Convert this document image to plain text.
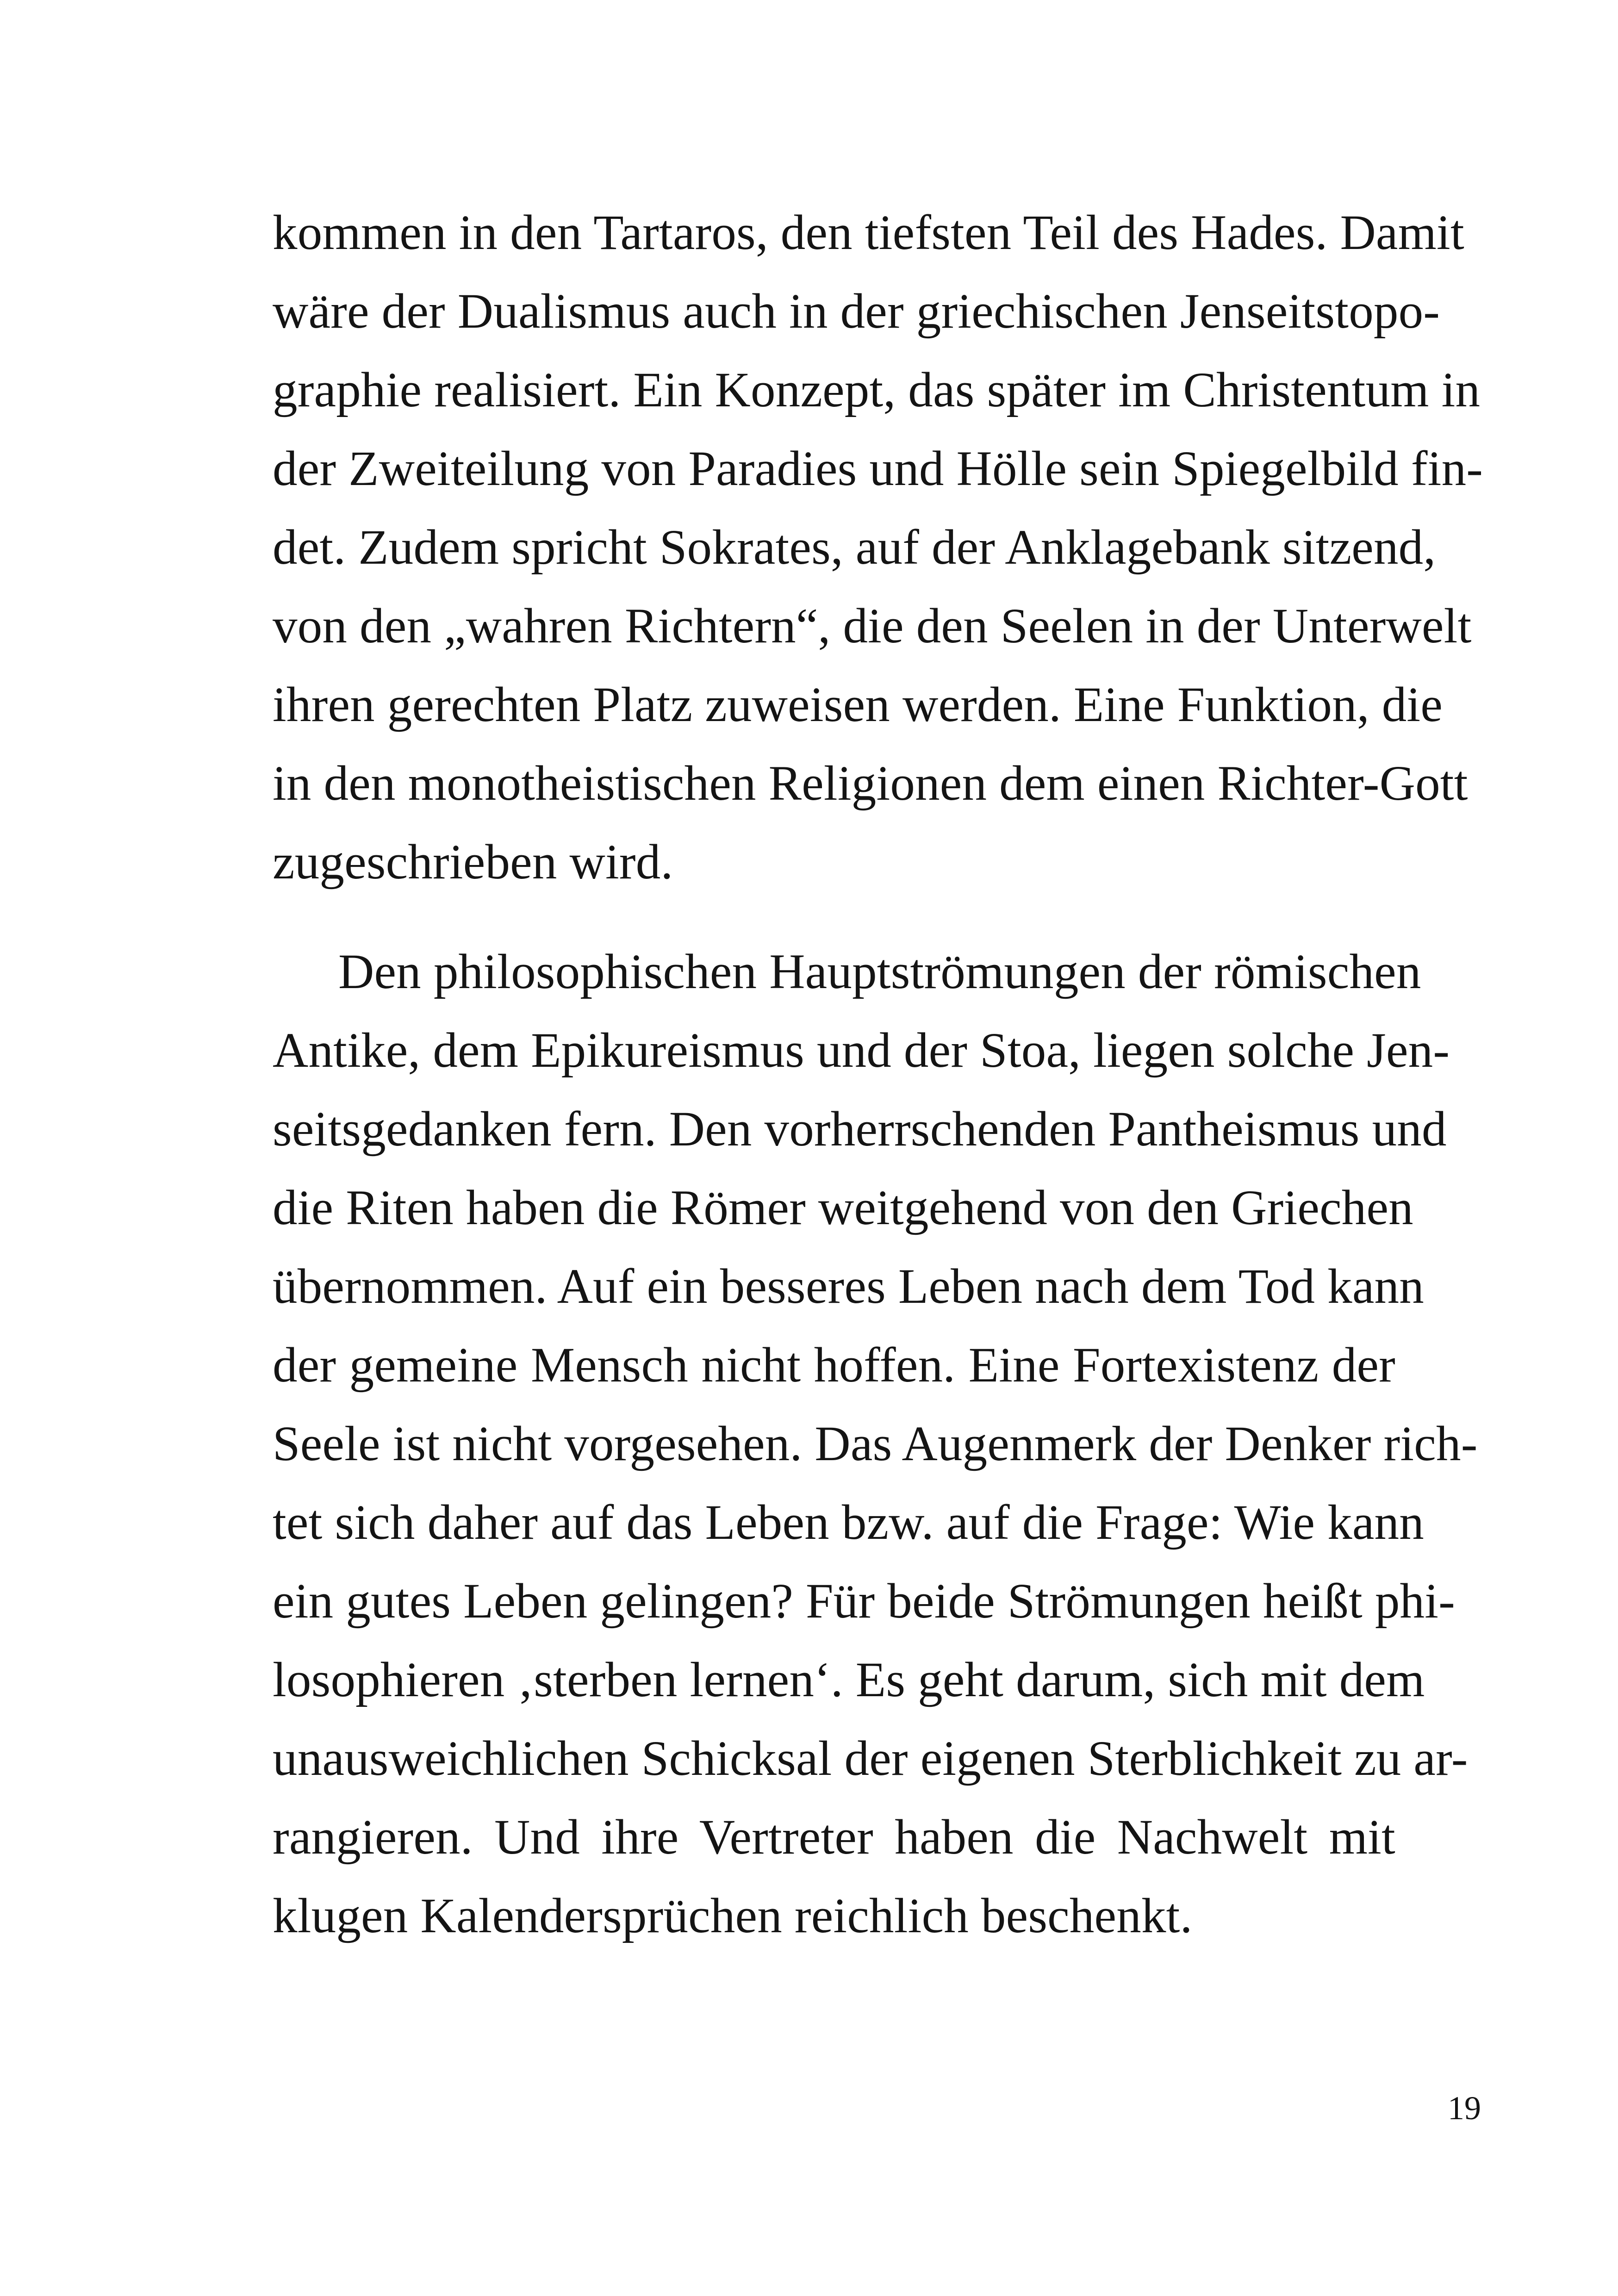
kommen in den Tartaros, den tiefsten Teil des Hades. Damit
wäre der Dualismus auch in der griechischen Jenseitstopo-
graphie realisiert. Ein Konzept, das später im Christentum in
der Zweiteilung von Paradies und Hölle sein Spiegelbild fin-
det. Zudem spricht Sokrates, auf der Anklagebank sitzend,
von den „wahren Richtern“, die den Seelen in der Unterwelt
ihren gerechten Platz zuweisen werden. Eine Funktion, die
in den monotheistischen Religionen dem einen Richter-Gott
zugeschrieben wird.
Den philosophischen Hauptströmungen der römischen
Antike, dem Epikureismus und der Stoa, liegen solche Jen-
seitsgedanken fern. Den vorherrschenden Pantheismus und
die Riten haben die Römer weitgehend von den Griechen
übernommen. Auf ein besseres Leben nach dem Tod kann
der gemeine Mensch nicht hoffen. Eine Fortexistenz der
Seele ist nicht vorgesehen. Das Augenmerk der Denker rich-
tet sich daher auf das Leben bzw. auf die Frage: Wie kann
ein gutes Leben gelingen? Für beide Strömungen heißt phi-
losophieren ‚sterben lernen‘. Es geht darum, sich mit dem
unausweichlichen Schicksal der eigenen Sterblichkeit zu ar-
rangieren. Und ihre Vertreter haben die Nachwelt mit
klugen Kalendersprüchen reichlich beschenkt.
19
